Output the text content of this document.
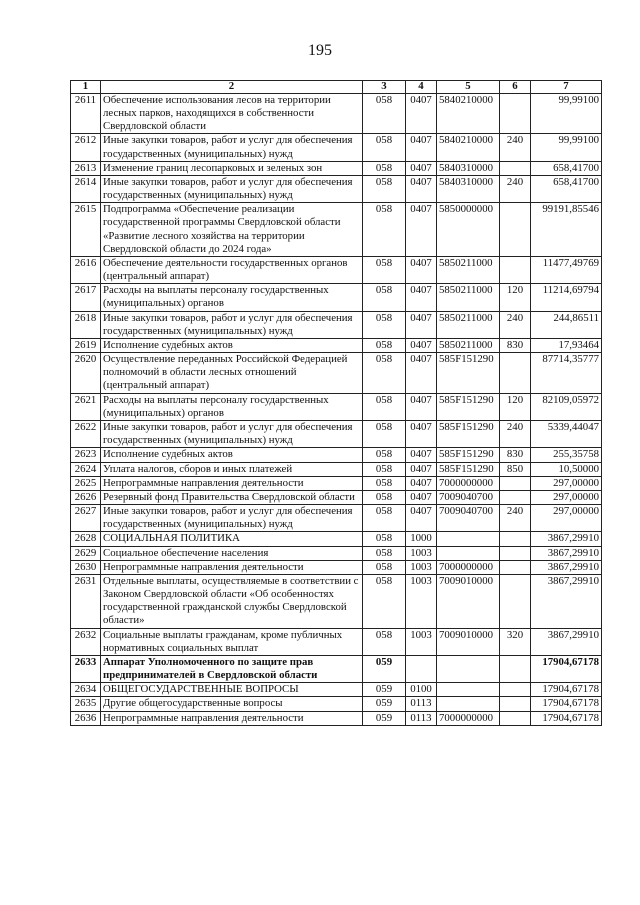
195
1	2	3	4	5	6	7
2611	Обеспечение использования лесов на территории лесных парков, находящихся в собственности Свердловской области	058	0407	5840210000		99,99100
2612	Иные закупки товаров, работ и услуг для обеспечения государственных (муниципальных) нужд	058	0407	5840210000	240	99,99100
2613	Изменение границ лесопарковых и зеленых зон	058	0407	5840310000		658,41700
2614	Иные закупки товаров, работ и услуг для обеспечения государственных (муниципальных) нужд	058	0407	5840310000	240	658,41700
2615	Подпрограмма «Обеспечение реализации государственной программы Свердловской области «Развитие лесного хозяйства на территории Свердловской области до 2024 года»	058	0407	5850000000		99191,85546
2616	Обеспечение деятельности государственных органов (центральный аппарат)	058	0407	5850211000		11477,49769
2617	Расходы на выплаты персоналу государственных (муниципальных) органов	058	0407	5850211000	120	11214,69794
2618	Иные закупки товаров, работ и услуг для обеспечения государственных (муниципальных) нужд	058	0407	5850211000	240	244,86511
2619	Исполнение судебных актов	058	0407	5850211000	830	17,93464
2620	Осуществление переданных Российской Федерацией полномочий в области лесных отношений (центральный аппарат)	058	0407	585F151290		87714,35777
2621	Расходы на выплаты персоналу государственных (муниципальных) органов	058	0407	585F151290	120	82109,05972
2622	Иные закупки товаров, работ и услуг для обеспечения государственных (муниципальных) нужд	058	0407	585F151290	240	5339,44047
2623	Исполнение судебных актов	058	0407	585F151290	830	255,35758
2624	Уплата налогов, сборов и иных платежей	058	0407	585F151290	850	10,50000
2625	Непрограммные направления деятельности	058	0407	7000000000		297,00000
2626	Резервный фонд Правительства Свердловской области	058	0407	7009040700		297,00000
2627	Иные закупки товаров, работ и услуг для обеспечения государственных (муниципальных) нужд	058	0407	7009040700	240	297,00000
2628	СОЦИАЛЬНАЯ ПОЛИТИКА	058	1000			3867,29910
2629	Социальное обеспечение населения	058	1003			3867,29910
2630	Непрограммные направления деятельности	058	1003	7000000000		3867,29910
2631	Отдельные выплаты, осуществляемые в соответствии с Законом Свердловской области «Об особенностях государственной гражданской службы Свердловской области»	058	1003	7009010000		3867,29910
2632	Социальные выплаты гражданам, кроме публичных нормативных социальных выплат	058	1003	7009010000	320	3867,29910
2633	Аппарат Уполномоченного по защите прав предпринимателей в Свердловской области	059				17904,67178
2634	ОБЩЕГОСУДАРСТВЕННЫЕ ВОПРОСЫ	059	0100			17904,67178
2635	Другие общегосударственные вопросы	059	0113			17904,67178
2636	Непрограммные направления деятельности	059	0113	7000000000		17904,67178
